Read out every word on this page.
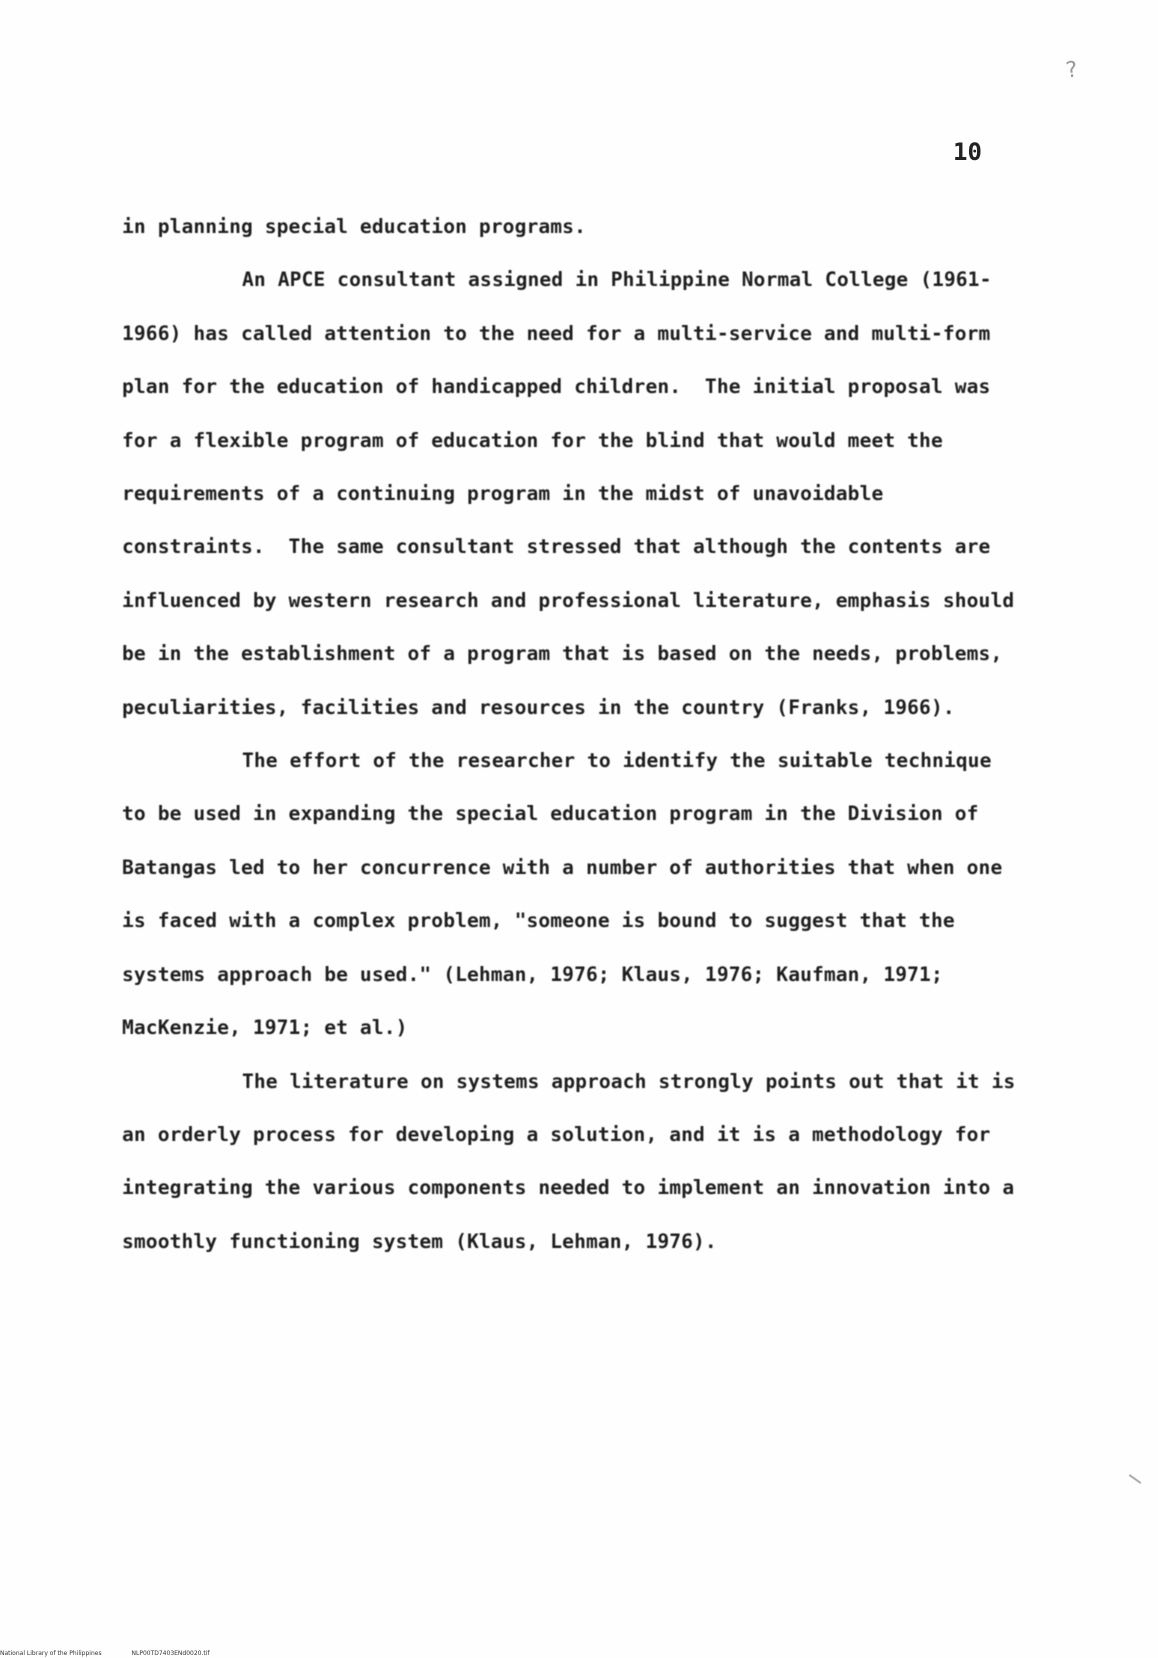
?
10

in planning special education programs.

An APCE consultant assigned in Philippine Normal College (1961-1966) has called attention to the need for a multi-service and multi-form plan for the education of handicapped children.  The initial proposal was for a flexible program of education for the blind that would meet the requirements of a continuing program in the midst of unavoidable constraints.  The same consultant stressed that although the contents are influenced by western research and professional literature, emphasis should be in the establishment of a program that is based on the needs, problems, peculiarities, facilities and resources in the country (Franks, 1966).

The effort of the researcher to identify the suitable technique to be used in expanding the special education program in the Division of Batangas led to her concurrence with a number of authorities that when one is faced with a complex problem, "someone is bound to suggest that the systems approach be used." (Lehman, 1976; Klaus, 1976; Kaufman, 1971; MacKenzie, 1971; et al.)

The literature on systems approach strongly points out that it is an orderly process for developing a solution, and it is a methodology for integrating the various components needed to implement an innovation into a smoothly functioning system (Klaus, Lehman, 1976).

National Library of the Philippines	NLP00TD7403ENd0020.tif
